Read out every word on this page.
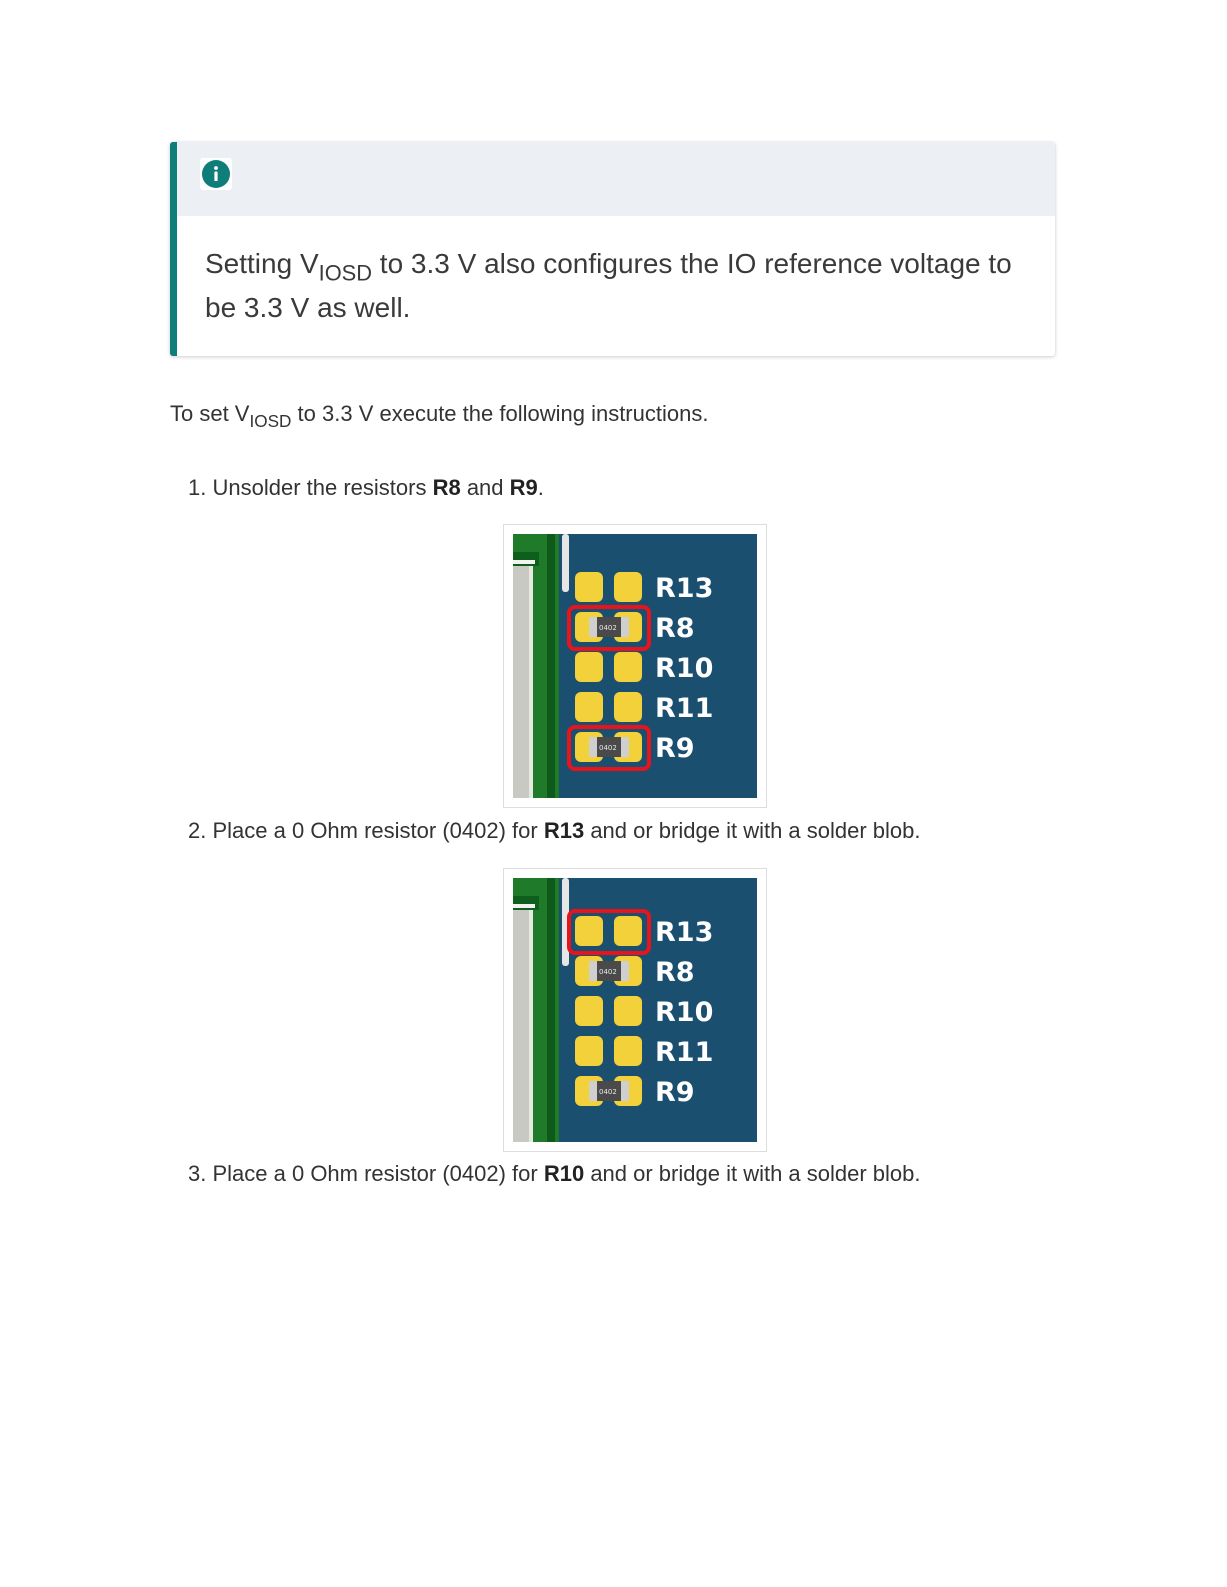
Setting $V_{IOSD}$ to 3.3 V also configures the IO reference voltage to be 3.3 V as well.
To set $V_{IOSD}$ to 3.3 V execute the following instructions.
1. Unsolder the resistors R8 and R9.
0402
0402
R13
R8
R10
R11
R9
2. Place a 0 Ohm resistor (0402) for R13 and or bridge it with a solder blob.
0402
0402
R13
R8
R10
R11
R9
3. Place a 0 Ohm resistor (0402) for R10 and or bridge it with a solder blob.
